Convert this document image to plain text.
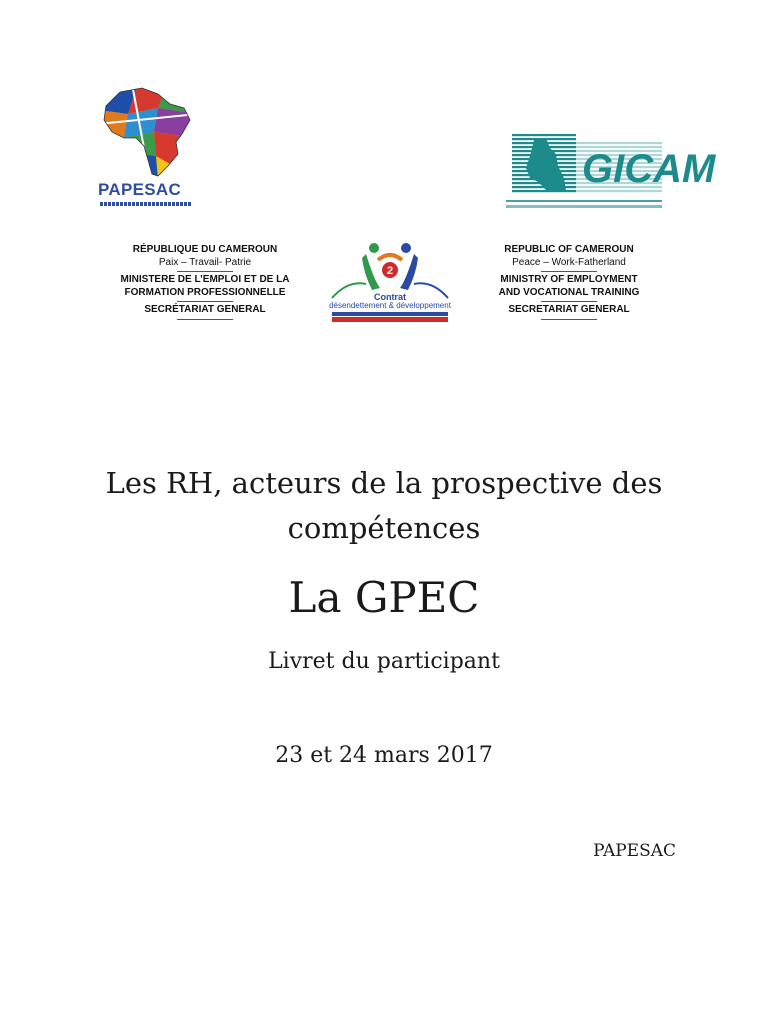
PAPESAC	GICAM
RÉPUBLIQUE DU CAMEROUN
Paix – Travail- Patrie
MINISTERE DE L’EMPLOI ET DE LA
FORMATION PROFESSIONNELLE
SECRÉTARIAT GENERAL
2
Contrat
désendettement & développement
REPUBLIC OF CAMEROUN
Peace – Work-Fatherland
MINISTRY OF EMPLOYMENT
AND VOCATIONAL TRAINING
SECRETARIAT GENERAL
Les RH, acteurs de la prospective des
compétences
La GPEC
Livret du participant
23 et 24 mars 2017
PAPESAC
